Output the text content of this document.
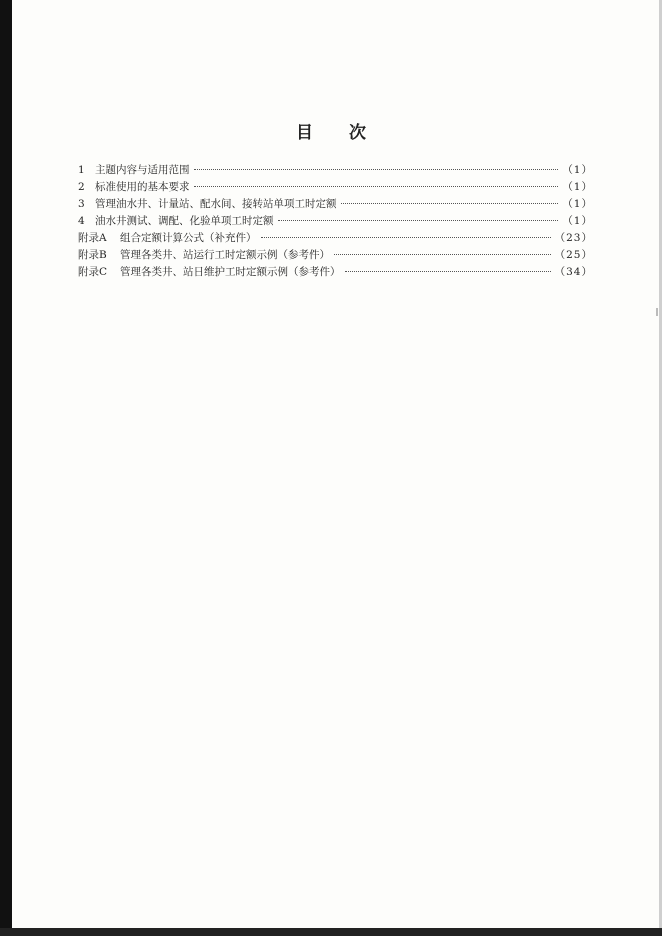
目 次
1 主题内容与适用范围	（1）
2 标准使用的基本要求	（1）
3 管理油水井、计量站、配水间、接转站单项工时定额	（1）
4 油水井测试、调配、化验单项工时定额	（1）
附录A	组合定额计算公式（补充件）	（23）
附录B	管理各类井、站运行工时定额示例（参考件）	（25）
附录C	管理各类井、站日维护工时定额示例（参考件）	（34）
